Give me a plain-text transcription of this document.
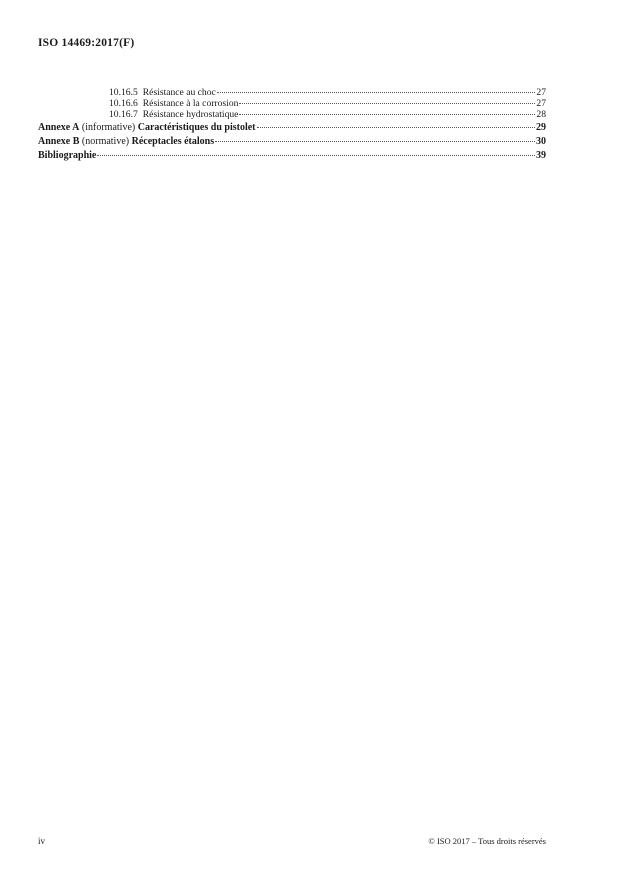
ISO 14469:2017(F)
10.16.5 Résistance au choc	27
10.16.6 Résistance à la corrosion	27
10.16.7 Résistance hydrostatique	28
Annexe A (informative) Caractéristiques du pistolet	29
Annexe B (normative) Réceptacles étalons	30
Bibliographie	39
iv	© ISO 2017 – Tous droits réservés
